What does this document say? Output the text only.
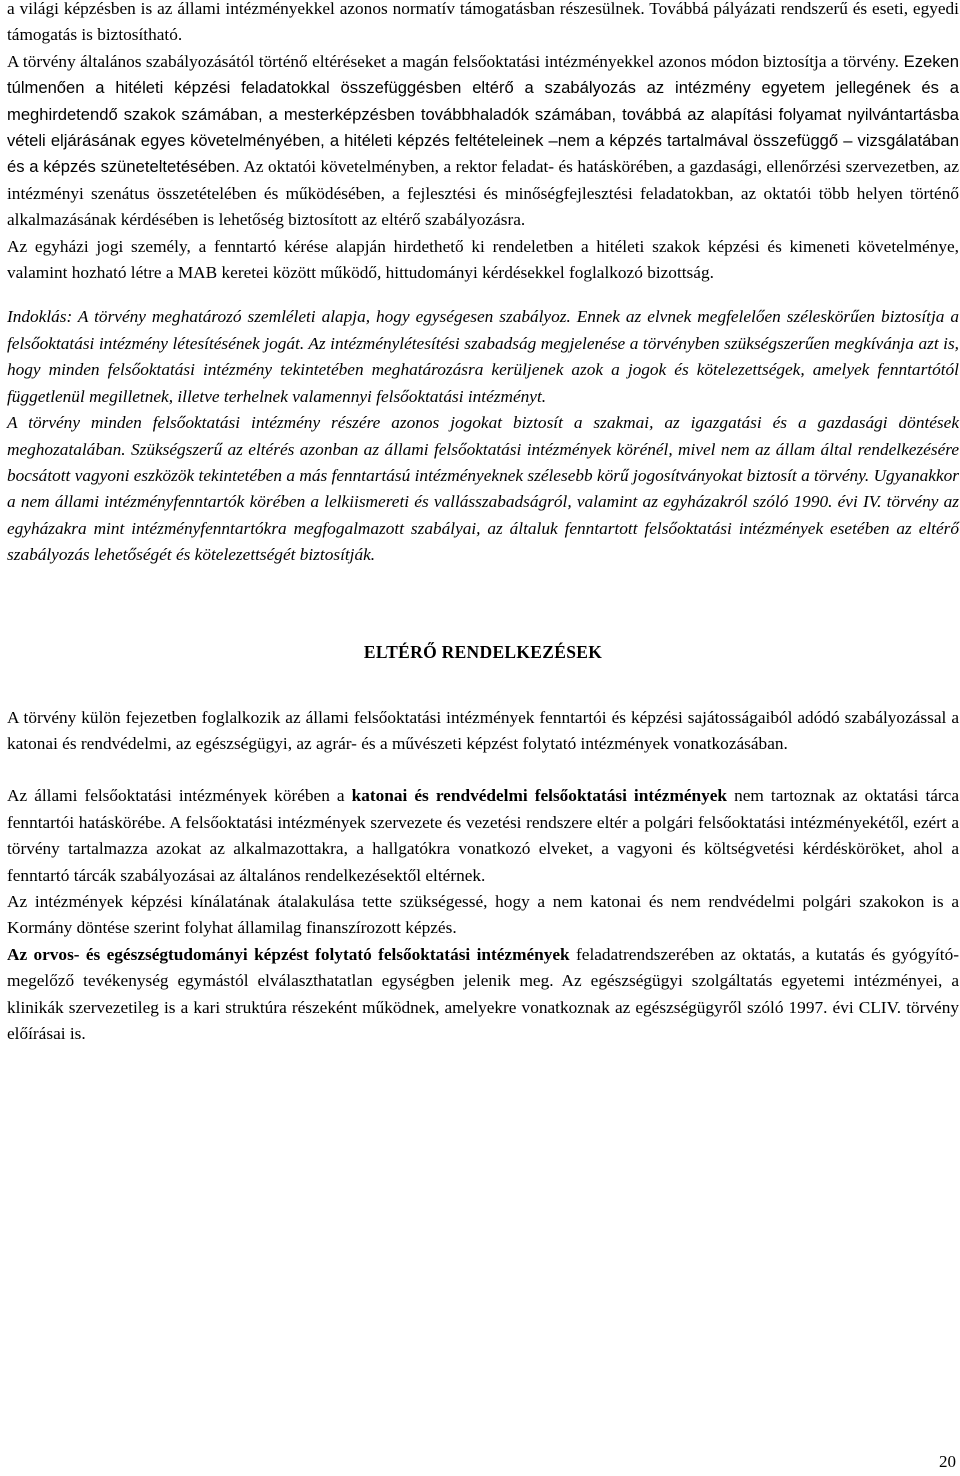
a világi képzésben is az állami intézményekkel azonos normatív támogatásban részesülnek. Továbbá pályázati rendszerű és eseti, egyedi támogatás is biztosítható.

A törvény általános szabályozásától történő eltéréseket a magán felsőoktatási intézményekkel azonos módon biztosítja a törvény. Ezeken túlmenően a hitéleti képzési feladatokkal összefüggésben eltérő a szabályozás az intézmény egyetem jellegének és a meghirdetendő szakok számában, a mesterképzésben továbbhaladók számában, továbbá az alapítási folyamat nyilvántartásba vételi eljárásának egyes követelményében, a hitéleti képzés feltételeinek –nem a képzés tartalmával összefüggő – vizsgálatában és a képzés szüneteltetésében. Az oktatói követelményben, a rektor feladat- és hatáskörében, a gazdasági, ellenőrzési szervezetben, az intézményi szenátus összetételében és működésében, a fejlesztési és minőségfejlesztési feladatokban, az oktatói több helyen történő alkalmazásának kérdésében is lehetőség biztosított az eltérő szabályozásra.

Az egyházi jogi személy, a fenntartó kérése alapján hirdethető ki rendeletben a hitéleti szakok képzési és kimeneti követelménye, valamint hozható létre a MAB keretei között működő, hittudományi kérdésekkel foglalkozó bizottság.

Indoklás: A törvény meghatározó szemléleti alapja, hogy egységesen szabályoz. Ennek az elvnek megfelelően széleskörűen biztosítja a felsőoktatási intézmény létesítésének jogát. Az intézménylétesítési szabadság megjelenése a törvényben szükségszerűen megkívánja azt is, hogy minden felsőoktatási intézmény tekintetében meghatározásra kerüljenek azok a jogok és kötelezettségek, amelyek fenntartótól függetlenül megilletnek, illetve terhelnek valamennyi felsőoktatási intézményt.

A törvény minden felsőoktatási intézmény részére azonos jogokat biztosít a szakmai, az igazgatási és a gazdasági döntések meghozatalában. Szükségszerű az eltérés azonban az állami felsőoktatási intézmények körénél, mivel nem az állam által rendelkezésére bocsátott vagyoni eszközök tekintetében a más fenntartású intézményeknek szélesebb körű jogosítványokat biztosít a törvény. Ugyanakkor a nem állami intézményfenntartók körében a lelkiismereti és vallásszabadságról, valamint az egyházakról szóló 1990. évi IV. törvény az egyházakra mint intézményfenntartókra megfogalmazott szabályai, az általuk fenntartott felsőoktatási intézmények esetében az eltérő szabályozás lehetőségét és kötelezettségét biztosítják.

ELTÉRŐ RENDELKEZÉSEK

A törvény külön fejezetben foglalkozik az állami felsőoktatási intézmények fenntartói és képzési sajátosságaiból adódó szabályozással a katonai és rendvédelmi, az egészségügyi, az agrár- és a művészeti képzést folytató intézmények vonatkozásában.

Az állami felsőoktatási intézmények körében a katonai és rendvédelmi felsőoktatási intézmények nem tartoznak az oktatási tárca fenntartói hatáskörébe. A felsőoktatási intézmények szervezete és vezetési rendszere eltér a polgári felsőoktatási intézményekétől, ezért a törvény tartalmazza azokat az alkalmazottakra, a hallgatókra vonatkozó elveket, a vagyoni és költségvetési kérdésköröket, ahol a fenntartó tárcák szabályozásai az általános rendelkezésektől eltérnek.

Az intézmények képzési kínálatának átalakulása tette szükségessé, hogy a nem katonai és nem rendvédelmi polgári szakokon is a Kormány döntése szerint folyhat államilag finanszírozott képzés.

Az orvos- és egészségtudományi képzést folytató felsőoktatási intézmények feladatrendszerében az oktatás, a kutatás és gyógyító-megelőző tevékenység egymástól elválaszthatatlan egységben jelenik meg. Az egészségügyi szolgáltatás egyetemi intézményei, a klinikák szervezetileg is a kari struktúra részeként működnek, amelyekre vonatkoznak az egészségügyről szóló 1997. évi CLIV. törvény előírásai is.

20
